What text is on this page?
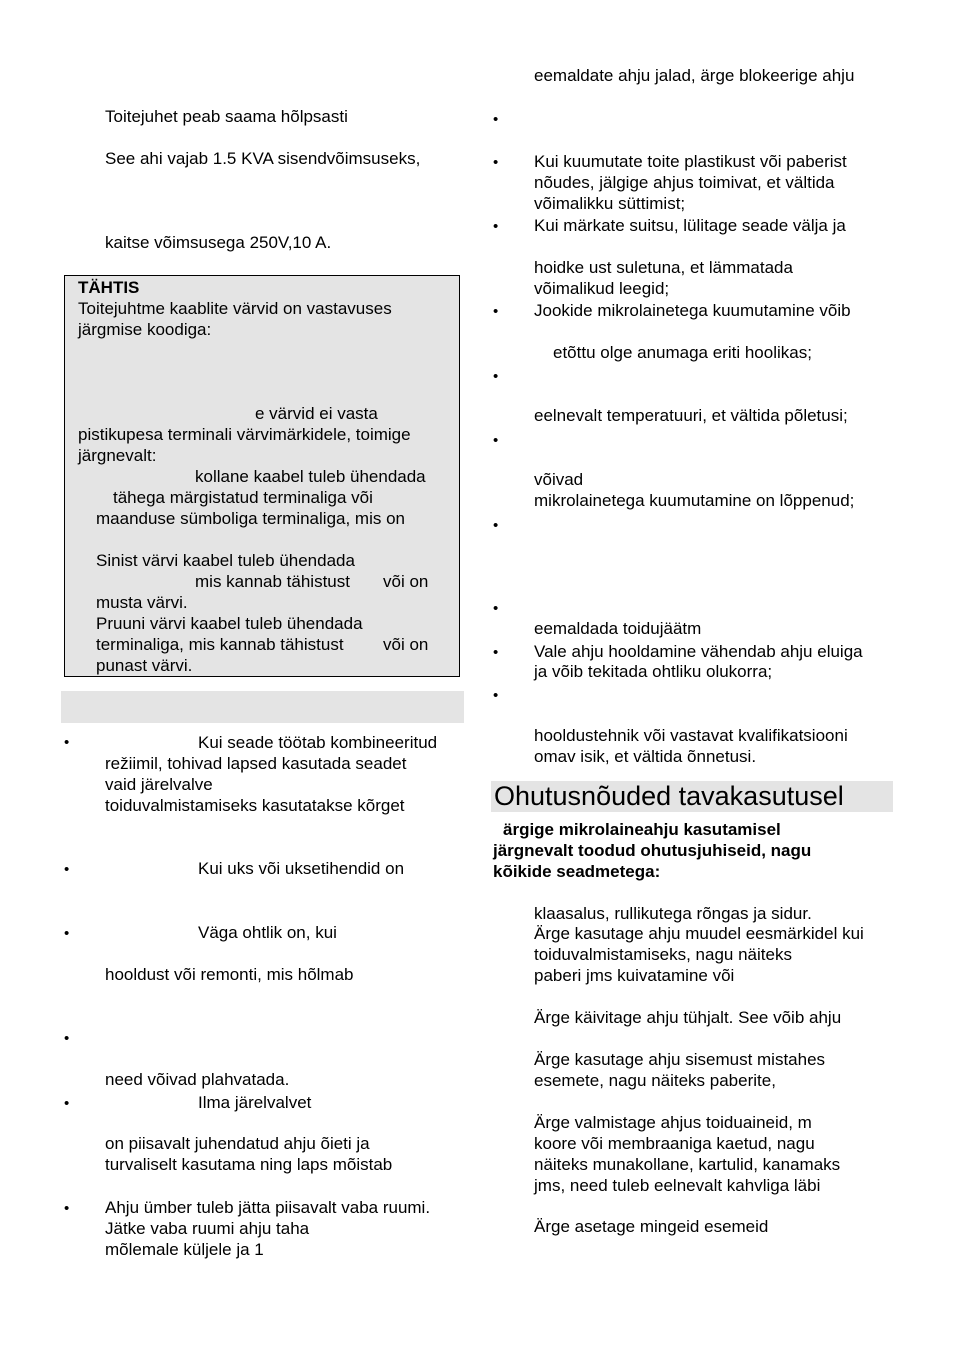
Toitejuhet peab saama hõlpsasti
See ahi vajab 1.5 KVA sisendvõimsuseks,
kaitse võimsusega 250V,10 A.
TÄHTIS
Toitejuhtme kaablite värvid on vastavuses
järgmise koodiga:
e värvid ei vasta
pistikupesa terminali värvimärkidele, toimige
järgnevalt:
kollane kaabel tuleb ühendada
tähega märgistatud terminaliga või
maanduse sümboliga terminaliga, mis on
Sinist värvi kaabel tuleb ühendada
mis kannab tähistust või on
musta värvi.
Pruuni värvi kaabel tuleb ühendada
terminaliga, mis kannab tähistust või on
punast värvi.
•	Kui seade töötab kombineeritud
režiimil, tohivad lapsed kasutada seadet
vaid järelvalve
toiduvalmistamiseks kasutatakse kõrget
•	Kui uks või uksetihendid on
•	Väga ohtlik on, kui
hooldust või remonti, mis hõlmab
•
need võivad plahvatada.
•	Ilma järelvalvet
on piisavalt juhendatud ahju õieti ja
turvaliselt kasutama ning laps mõistab
• Ahju ümber tuleb jätta piisavalt vaba ruumi.
Jätke vaba ruumi ahju taha
mõlemale küljele ja 1
eemaldate ahju jalad, ärge blokeerige ahju
•
• Kui kuumutate toite plastikust või paberist
nõudes, jälgige ahjus toimivat, et vältida
võimalikku süttimist;
• Kui märkate suitsu, lülitage seade välja ja
hoidke ust suletuna, et lämmatada
võimalikud leegid;
• Jookide mikrolainetega kuumutamine võib
etõttu olge anumaga eriti hoolikas;
•
eelnevalt temperatuuri, et vältida põletusi;
•
võivad
mikrolainetega kuumutamine on lõppenud;
•
•
eemaldada toidujäätm
• Vale ahju hooldamine vähendab ahju eluiga
ja võib tekitada ohtliku olukorra;
•
hooldustehnik või vastavat kvalifikatsiooni
omav isik, et vältida õnnetusi.
Ohutusnõuded tavakasutusel
ärgige mikrolaineahju kasutamisel
järgnevalt toodud ohutusjuhiseid, nagu
kõikide seadmetega:
klaasalus, rullikutega rõngas ja sidur.
Ärge kasutage ahju muudel eesmärkidel kui
toiduvalmistamiseks, nagu näiteks
paberi jms kuivatamine või
Ärge käivitage ahju tühjalt. See võib ahju
Ärge kasutage ahju sisemust mistahes
esemete, nagu näiteks paberite,
Ärge valmistage ahjus toiduaineid, m
koore või membraaniga kaetud, nagu
näiteks munakollane, kartulid, kanamaks
jms, need tuleb eelnevalt kahvliga läbi
Ärge asetage mingeid esemeid
